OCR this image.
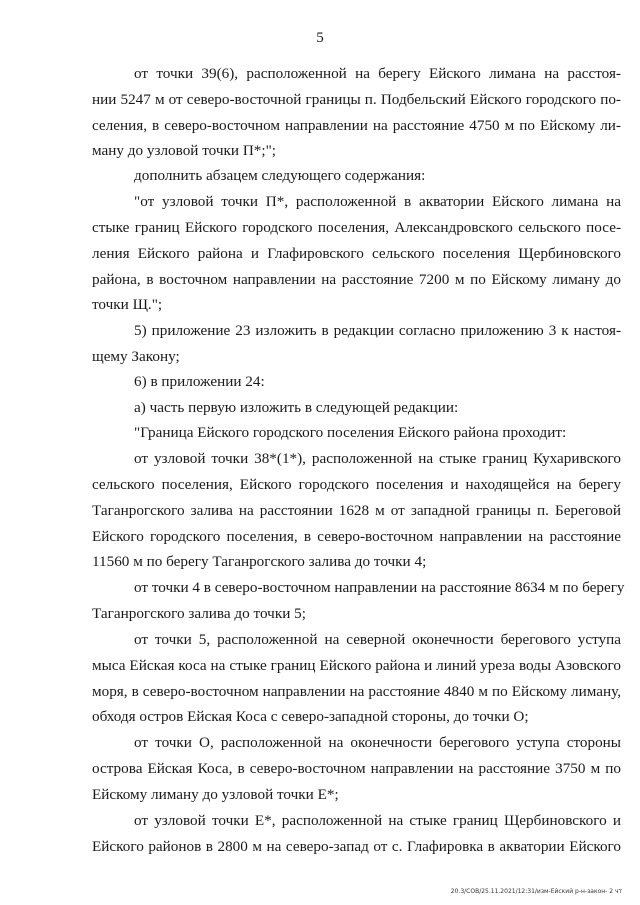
5
от точки 39(6), расположенной на берегу Ейского лимана на расстоя-
нии 5247 м от северо-восточной границы п. Подбельский Ейского городского по-
селения, в северо-восточном направлении на расстояние 4750 м по Ейскому ли-
ману до узловой точки П*;";
дополнить абзацем следующего содержания:
"от узловой точки П*, расположенной в акватории Ейского лимана на
стыке границ Ейского городского поселения, Александровского сельского посе-
ления Ейского района и Глафировского сельского поселения Щербиновского
района, в восточном направлении на расстояние 7200 м по Ейскому лиману до
точки Щ.";
5) приложение 23 изложить в редакции согласно приложению 3 к настоя-
щему Закону;
6) в приложении 24:
а) часть первую изложить в следующей редакции:
"Граница Ейского городского поселения Ейского района проходит:
от узловой точки 38*(1*), расположенной на стыке границ Кухаривского
сельского поселения, Ейского городского поселения и находящейся на берегу
Таганрогского залива на расстоянии 1628 м от западной границы п. Береговой
Ейского городского поселения, в северо-восточном направлении на расстояние
11560 м по берегу Таганрогского залива до точки 4;
от точки 4 в северо-восточном направлении на расстояние 8634 м по берегу
Таганрогского залива до точки 5;
от точки 5, расположенной на северной оконечности берегового уступа
мыса Ейская коса на стыке границ Ейского района и линий уреза воды Азовского
моря, в северо-восточном направлении на расстояние 4840 м по Ейскому лиману,
обходя остров Ейская Коса с северо-западной стороны, до точки О;
от точки О, расположенной на оконечности берегового уступа стороны
острова Ейская Коса, в северо-восточном направлении на расстояние 3750 м по
Ейскому лиману до узловой точки Е*;
от узловой точки Е*, расположенной на стыке границ Щербиновского и
Ейского районов в 2800 м на северо-запад от с. Глафировка в акватории Ейского
20.3/СОВ/25.11.2021/12:31/изм-Ейский р-н-закон- 2 чт
